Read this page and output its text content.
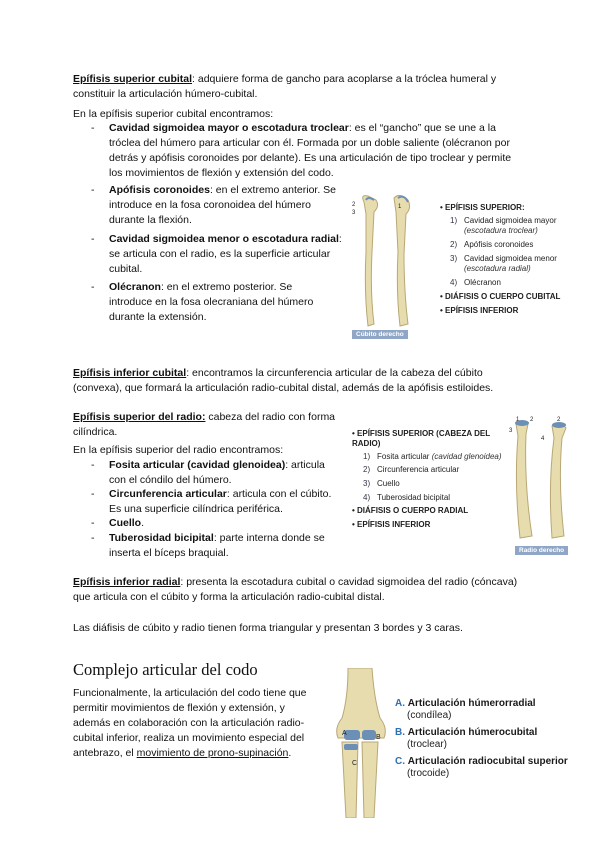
Epífisis superior cubital: adquiere forma de gancho para acoplarse a la tróclea humeral y constituir la articulación húmero-cubital.
En la epífisis superior cubital encontramos:
- Cavidad sigmoidea mayor o escotadura troclear: es el “gancho” que se une a la tróclea del húmero para articular con él. Formada por un doble saliente (olécranon por detrás y apófisis coronoides por delante). Es una articulación de tipo troclear y permite los movimientos de flexión y extensión del codo.
- Apófisis coronoides: en el extremo anterior. Se introduce en la fosa coronoidea del húmero durante la flexión.
- Cavidad sigmoidea menor o escotadura radial: se articula con el radio, es la superficie articular cubital.
- Olécranon: en el extremo posterior. Se introduce en la fosa olecraniana del húmero durante la extensión.
2
3
1
Cúbito derecho
• EPÍFISIS SUPERIOR:
1) Cavidad sigmoidea mayor
(escotadura troclear)
2) Apófisis coronoides
3) Cavidad sigmoidea menor
(escotadura radial)
4) Olécranon
• DIÁFISIS O CUERPO CUBITAL
• EPÍFISIS INFERIOR
Epífisis inferior cubital: encontramos la circunferencia articular de la cabeza del cúbito (convexa), que formará la articulación radio-cubital distal, además de la apófisis estiloides.
Epífisis superior del radio: cabeza del radio con forma cilíndrica.
En la epífisis superior del radio encontramos:
- Fosita articular (cavidad glenoidea): articula con el cóndilo del húmero.
- Circunferencia articular: articula con el cúbito. Es una superficie cilíndrica periférica.
- Cuello.
- Tuberosidad bicipital: parte interna donde se inserta el bíceps braquial.
• EPÍFISIS SUPERIOR (CABEZA DEL RADIO)
1) Fosita articular (cavidad glenoidea)
2) Circunferencia articular
3) Cuello
4) Tuberosidad bicipital
• DIÁFISIS O CUERPO RADIAL
• EPÍFISIS INFERIOR
1 2	2
3
4
Radio derecho
Epífisis inferior radial: presenta la escotadura cubital o cavidad sigmoidea del radio (cóncava) que articula con el cúbito y forma la articulación radio-cubital distal.
Las diáfisis de cúbito y radio tienen forma triangular y presentan 3 bordes y 3 caras.
Complejo articular del codo
Funcionalmente, la articulación del codo tiene que permitir movimientos de flexión y extensión, y además en colaboración con la articulación radio-cubital inferior, realiza un movimiento especial del antebrazo, el movimiento de prono-supinación.
A
B
C
A. Articulación húmerorradial
(condílea)
B. Articulación húmerocubital
(troclear)
C. Articulación radiocubital superior
(trocoide)
